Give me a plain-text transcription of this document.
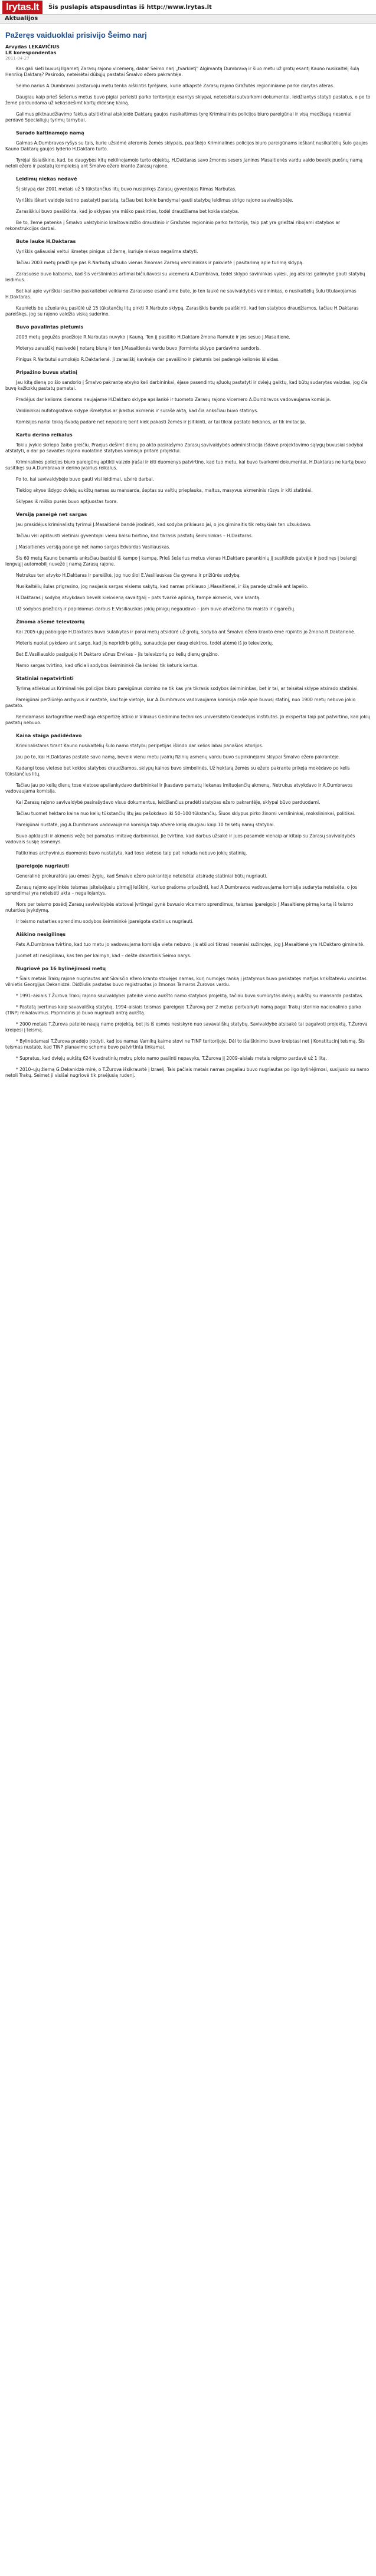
lrytas.lt	Šis puslapis atspausdintas iš http://www.lrytas.lt
Aktualijos
Pažeręs vaiduoklai prisivijo Šeimo narį
Arvydas LEKAVIČIUS
LR korespondentas
2011-04-27

Kas gali sieti buvusį Ilgametį Zarasų rajono vicemerą, dabar Seimo narį „tvarkietį" Algimantą Dumbravą ir šiuo metu už grotų esantį Kauno nusikaltėlį šulą Henriką Daktarą? Pasirodo, neteisėtai dūbųjų pastatai Šmalvo ežero pakrantėje.

Seimo narius A.Dumbravai pastaruoju metu tenka aiškintis tyrėjams, kurie atkapstė Zarasų rajono Gražutės regioniniame parke darytas aferas.

Daugiau kaip prieš šešerius metus buvo pigiai perleisti parko teritorijoje esantys sklypai, neteisėtai sutvarkomi dokumentai, leidžiantys statyti pastatus, o po to žemė parduodama už keliasdešimt kartų didesnę kainą.

Galimus piktnaudžiavimo faktus atsitiktinai atskleidė Daktarų gaujos nusikaltimus tyrę Kriminalinės policijos biuro pareigūnai ir visą medžiagą neseniai perdavė Specialiųjų tyrimų tarnybai.

Surado kaltinamojo namą

Galmas A.Dumbravos ryšys su tais, kurie užsiėmė aferomis žemės sklypais, paaiškėjo Kriminalinės policijos biuro pareigūnams ieškant nusikaltėlių šulo gaujos Kauno Daktarų gaujos lyderio H.Daktaro turto.

Tyrėjai išsiaiškino, kad, be daugybės kitų nekilnojamojo turto objektų, H.Daktaras savo žmonos sesers Janinos Masaitienės vardu valdo bevelk puošnų namą netoli ežero ir pastatų kompleksą ant Šmalvo ežero kranto Zarasų rajone.

Leidimų niekas nedavė

Šį sklypą dar 2001 metais už 5 tūkstančius litų buvo nusipirkęs Zarasų gyventojas Rimas Narbutas.

Vyriškis iškart valdoje ketino pastatyti pastatą, tačiau bet kokie bandymai gauti statybų leidimus strigo rajono savivaldybėje.

Zarasiškiui buvo paaiškinta, kad jo sklypas yra miško paskirties, todėl draudžiama bet kokia statyba.

Be to, žemė patenka į Šmalvo valstybinio kraštovaizdžio draustinio ir Gražutės regioninio parko teritoriją, taip pat yra griežtai ribojami statybos ar rekonstrukcijos darbai.

Bute lauke H.Daktaras

Vyriškis galiausiai veltui išmetęs pinigus už žemę, kuriuje niekuo negalima statyti.

Tačiau 2003 metų pradžioje pas R.Narbutą užsuko vienas žinomas Zarasų verslininkas ir pakvietė į pasitarimą apie turimą sklypą.

Zarasuose buvo kalbama, kad šis verslininkas artimai bičiuliavosi su vicemeru A.Dumbrava, todėl sklypo savininkas vylėsi, jog atsiras galimybė gauti statybų leidimus.

Bet kai apie vyriškiai susitiko paskaitėbei veikiamo Zarasuose esančiame bute, jo ten laukė ne savivaldybės valdininkas, o nusikaltėlių šulu titulavojamas H.Daktaras.

Kaunietis be užuolankų pasiūlė už 15 tūkstančių litų pirkti R.Narbuto sklypą. Zarasiškis bande paaiškinti, kad ten statybos draudžiamos, tačiau H.Daktaras pareiškęs, jog su rajono valdžia viską suderino.

Buvo pavalintas pietumis

2003 metų gegužės pradžioje R.Narbutas nuvyko į Kauną. Ten jį pasitiko H.Daktaro žmona Ramutė ir jos sesuo J.Masaitienė.

Moterys zarasiškį nusivedė į notarų biurą ir ten J.Masaitienės vardu buvo įforminta sklypo pardavimo sandoris.

Pinigus R.Narbutui sumokėjo R.Daktarienė. Ji zarasiškį kavinėje dar pavaišino ir pietumis bei padengė kelionės išlaidas.

Pripažino buvus statinį

Jau kitą dieną po šio sandorio į Šmalvo pakrantę atvyko keli darbininkai, ėjase pasendintų ąžuolų pastatyti ir dviejų gaiktų, kad būtų sudarytas vaizdas, jog čia buvę kažkokių pastatų pamatai.

Pradėjus dar kelioms dienoms naujajame H.Daktaro sklype apsilankė ir tuometo Zarasų rajono vicemero A.Dumbravos vadovaujama komisija.

Valdininkai nufotografavo sklype išmėtytus ar įkastus akmenis ir surašė aktą, kad čia anksčiau buvo statinys.

Komisijos nariai tokią išvadą padarė net nepadarę bent kiek pakasti žemės ir įsitikinti, ar tai tikrai pastato liekanos, ar tik imitacija.

Kartu derino reikalus

Tokiu jvykio skriepo žaibo greičiu. Praėjus dešimt dienų po akto pasirašymo Zarasų savivaldybės administracija išdavė projektavimo sąlygų buvusiai sodybai atstatyti, o dar po savaitės rajono nuolatinė statybos komisija pritarė projektui.

Kriminalinės policijos biuro pareigūnų aptikti vaizdo įrašai ir kiti duomenys patvirtino, kad tuo metu, kai buvo tvarkomi dokumentai, H.Daktaras ne kartą buvo susitikęs su A.Dumbrava ir derino įvairius reikalus.

Po to, kai savivaldybėje buvo gauti visi leidimai, užvirė darbai.

Tiekiog akyse išdygo dviejų aukštų namas su mansarda, šeptas su valtių prieplauka, maltus, masyvus akmeninis rūsys ir kiti statiniai.

Sklypas iš miško pusės buvo aptjuostas tvora.

Versiją paneigė net sargas

Jau prasidėjus kriminalistų tyrimui J.Masaitienė bandė įrodinėti, kad sodyba prikiauso jai, o jos giminaitis tik retsykiais ten užsukdavo.

Tačiau visi apklausti vietiniai gyventojai vienu balsu tvirtino, kad tikrasis pastatų šeimininkas – H.Daktaras.

J.Masaitienės versiją paneigė net namo sargas Edvardas Vasiliauskas.

Šis 60 metų Kauno benamis anksčiau bastėsi iš kampo į kampą. Prieš šešerius metus vienas H.Daktaro parankinių jį susitikde gatvėje ir įsodinęs į belangį lengvąjį automobilį nuvežė į namą Zarasų rajone.

Netrukus ten atvyko H.Daktaras ir pareiškė, jog nuo šiol E.Vasiliauskas čia gyvens ir prižiūrės sodybą.

Nusikaltėlių šulas prigrasino, jog naujasis sargas visiems sakytų, kad namas prikiauso J.Masaitienei, ir šią paradę užrašė ant lapelio.

H.Daktaras į sodybą atvykdavo bevelk kiekvieną savaitgalį – pats tvarkė aplinką, tampė akmenis, vale krantą.

Už sodybos priežiūrą ir papildomus darbus E.Vasiliauskas jokių pinigų negaudavo – jam buvo atvežama tik maisto ir cigarečių.

Žinoma ašemė televizorių

Kai 2005-ųjų pabaigoje H.Daktaras buvo sulaikytas ir porai metų atsidūrė už grotų, sodyba ant Šmalvo ežero kranto ėmė rūpintis jo žmona R.Daktarienė.

Moteris nuolat pykdavo ant sargo, kad jis nepridirb gėlių, sunaudoja per daug elektros, todėl atėmė iš jo televizorių.

Bet E.Vasiliauskio pasiguėjo H.Daktaro sūnus Ervikas – jis televizorių po kelių dienų grąžino.

Namo sargas tvirtino, kad oficiali sodybos šeimininkė čia lankėsi tik keturis kartus.

Statiniai nepatvirtinti

Tyrimą atliekusius Kriminalinės policijos biuro pareigūnus domino ne tik kas yra tikrasis sodybos šeimininkas, bet ir tai, ar teisėtai sklype atsirado statiniai.

Pareigūnai peržiūrėjo archyvus ir nustatė, kad toje vietoje, kur A.Dumbravos vadovaujama komisija rašė apie buvusį statinį, nuo 1900 metų nebuvo jokio pastato.

Remdamasis kartografine medžiaga ekspertizę atliko ir Vilniaus Gedimino technikos universiteto Geodezijos institutas. Jo ekspertai taip pat patvirtino, kad jokių pastatų nebuvo.

Kaina staiga padidėdavo

Kriminalistams tirant Kauno nusikaltėlių šulo namo statybų peripetijas išlindo dar kelios labai panašios istorijos.

Jau po to, kai H.Daktaras pastatė savo namą, beveik vienu metu įvairių fizinių asmenų vardu buvo supirkinėjami sklypai Šmalvo ežero pakrantėje.

Kadangi tose vietose bet kokios statybos draudžiamos, sklypų kainos buvo simbolinės. Už hektarą žemės su ežero pakrante prikeja mokėdavo po kelis tūkstančius litų.

Tačiau jau po kelių dienų tose vietose apsilankydavo darbininkai ir įkasdavo pamatų liekanas imituojančių akmenų. Netrukus atvykdavo ir A.Dumbravos vadovaujama komisija.

Kai Zarasų rajono savivaldybė pasirašydavo visus dokumentus, leidžiančius pradėti statybas ežero pakrantėje, sklypai būvo parduodami.

Tačiau tuomet hektaro kaina nuo kelių tūkstančių litų jau pašokdavo iki 50–100 tūkstančių. Šiuos sklypus pirko žinomi verslininkai, mokslininkai, politikai.

Pareigūnai nustatė, jog A.Dumbravos vadovaujama komisija taip atvėrė kelią daugiau kaip 10 teisėtų namų statybai.

Buvo apklausti ir akmenis vežę bei pamatus imitavę darbininkai. Jie tvirtino, kad darbus užsakė ir juos pasamdė vienaip ar kitaip su Zarasų savivaldybės vadovais susiję asmenys.

Patikrinus archyvinius duomenis buvo nustatyta, kad tose vietose taip pat nekada nebuvo jokių statinių.

Įpareigojo nugriauti

Generalinė prokuratūra jau ėmėsi žygių, kad Šmalvo ežero pakrantėje neteisėtai atsiradę statiniai būtų nugriauti.

Zarasų rajono apylinkės teismas įsiteisėjusiu pirmąjį leiškinį, kuriuo prašoma pripažinti, kad A.Dumbravos vadovaujama komisija sudaryta neteisėta, o jos sprendimai yra neteisėti akta – negaliojantys.

Nors per teismo posėdį Zarasų savivaldybės atstovai įvrtingai gynė buvusio vicemero sprendimus, teismas įpareigojo J.Masaitienę pirmą kartą iš teismo nutarties įvykdymą.

Ir teismo nutarties sprendimu sodybos šeimininkė įpareigota statinius nugriauti.

Aiškino nesigilinęs

Pats A.Dumbrava tvirtino, kad tuo metu jo vadovaujama komisija vieta nebuvo. Jis atšiuoi tikrasi neseniai sužinojęs, jog J.Masaitienė yra H.Daktaro giminaitė.

Juomet ati nesigilinau, kas ten per kaimyn, kad – dešte dabartinis Seimo narys.

Nugriovė po 16 bylinėjimosi metų

* Šiais metais Trakų rajone nugriautas ant Skaisčio ežero kranto stovėjęs namas, kurį numojęs ranką į įstatymus buvo pasistatęs mafijos krikštatėviu vadintas vilnietis Georgijus Dekanidzė. Didžiulis pastatas buvo registruotas jo žmonos Tamaros Žurovos vardu.

* 1991–aisiais T.Žurova Trakų rajono savivaldybei pateikė vieno aukšto namo statybos projektą, tačiau buvo sumūrytas dviejų aukštų su mansarda pastatas.

* Pastatą įvertinus kaip savavališką statybą, 1994–aisiais teismas įpareigojo T.Žurovą per 2 metus pertvarkyti namą pagal Trakų istorinio nacionalinio parko (TINP) reikalavimus. Paprindinis jo buvo nugriauti antrą aukštą.

* 2000 metais T.Žurova pateikė naują namo projektą, bet jis iš esmės nesiskyrė nuo savavališkų statybų. Savivaldybė atsisakė tai pagalvoti projektą, T.Žurova kreipėsi į teismą.

* Bylinėdamasi T.Žurova pradėjo įrodyti, kad jos namas Varnikų kaime stovi ne TINP teritorijoje. Dėl to išaiškinimo buvo kreiptasi net į Konstitucinį teismą. Šis teismas nustatė, kad TINP planavimo schema buvo patvirtinta tinkamai.

* Supratus, kad dviejų aukštų 624 kvadratinių metrų ploto namo pasiinti nepavyks, T.Žurova jį 2009–aisiais metais reigmo pardavė už 1 litą.

* 2010–ųjų žiemą G.Dekanidzė mirė, o T.Žurova išsikraustė į Izraelį. Tais pačiais metais namas pagaliau buvo nugriautas po ilgo bylinėjimosi, susijusio su namo netoli Trakų. Seimet ji visišai nugriovė tik praėjusią rudenį.
